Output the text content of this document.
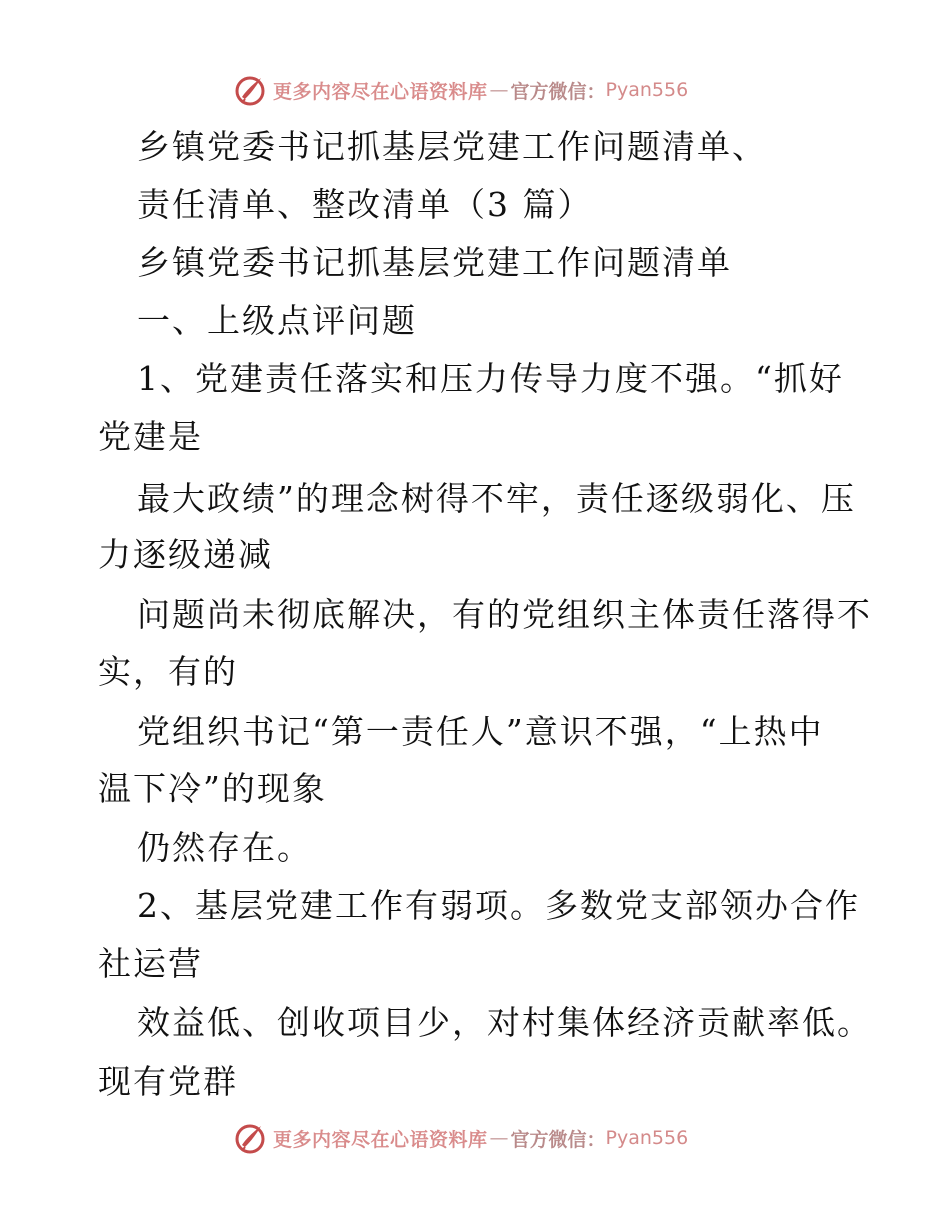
更多内容尽在心语资料库 — 官方微信： Pyan556
乡镇党委书记抓基层党建工作问题清单、
责任清单、整改清单（3 篇）
乡镇党委书记抓基层党建工作问题清单
一、上级点评问题
1、党建责任落实和压力传导力度不强。“抓好
党建是
最大政绩”的理念树得不牢，责任逐级弱化、压
力逐级递减
问题尚未彻底解决，有的党组织主体责任落得不
实，有的
党组织书记“第一责任人”意识不强，“上热中
温下冷”的现象
仍然存在。
2、基层党建工作有弱项。多数党支部领办合作
社运营
效益低、创收项目少，对村集体经济贡献率低。
现有党群
更多内容尽在心语资料库 — 官方微信： Pyan556
